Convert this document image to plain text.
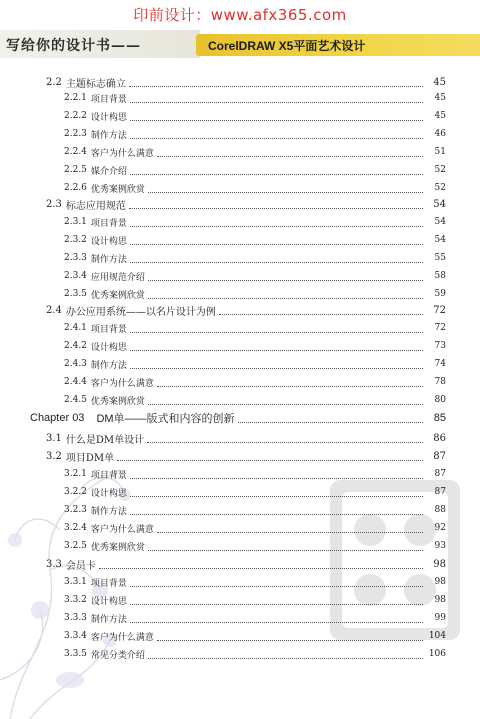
印前设计：www.afx365.com
写给你的设计书——	CorelDRAW X5平面艺术设计
2.2 主题标志确立	45
2.2.1 项目背景	45
2.2.2 设计构思	45
2.2.3 制作方法	46
2.2.4 客户为什么满意	51
2.2.5 媒介介绍	52
2.2.6 优秀案例欣赏	52
2.3 标志应用规范	54
2.3.1 项目背景	54
2.3.2 设计构思	54
2.3.3 制作方法	55
2.3.4 应用规范介绍	58
2.3.5 优秀案例欣赏	59
2.4 办公应用系统——以名片设计为例	72
2.4.1 项目背景	72
2.4.2 设计构思	73
2.4.3 制作方法	74
2.4.4 客户为什么满意	78
2.4.5 优秀案例欣赏	80
Chapter 03 DM单——版式和内容的创新	85
3.1 什么是DM单设计	86
3.2 项目DM单	87
3.2.1 项目背景	87
3.2.2 设计构思	87
3.2.3 制作方法	88
3.2.4 客户为什么满意	92
3.2.5 优秀案例欣赏	93
3.3 会员卡	98
3.3.1 项目背景	98
3.3.2 设计构思	98
3.3.3 制作方法	99
3.3.4 客户为什么满意	104
3.3.5 常见分类介绍	106
